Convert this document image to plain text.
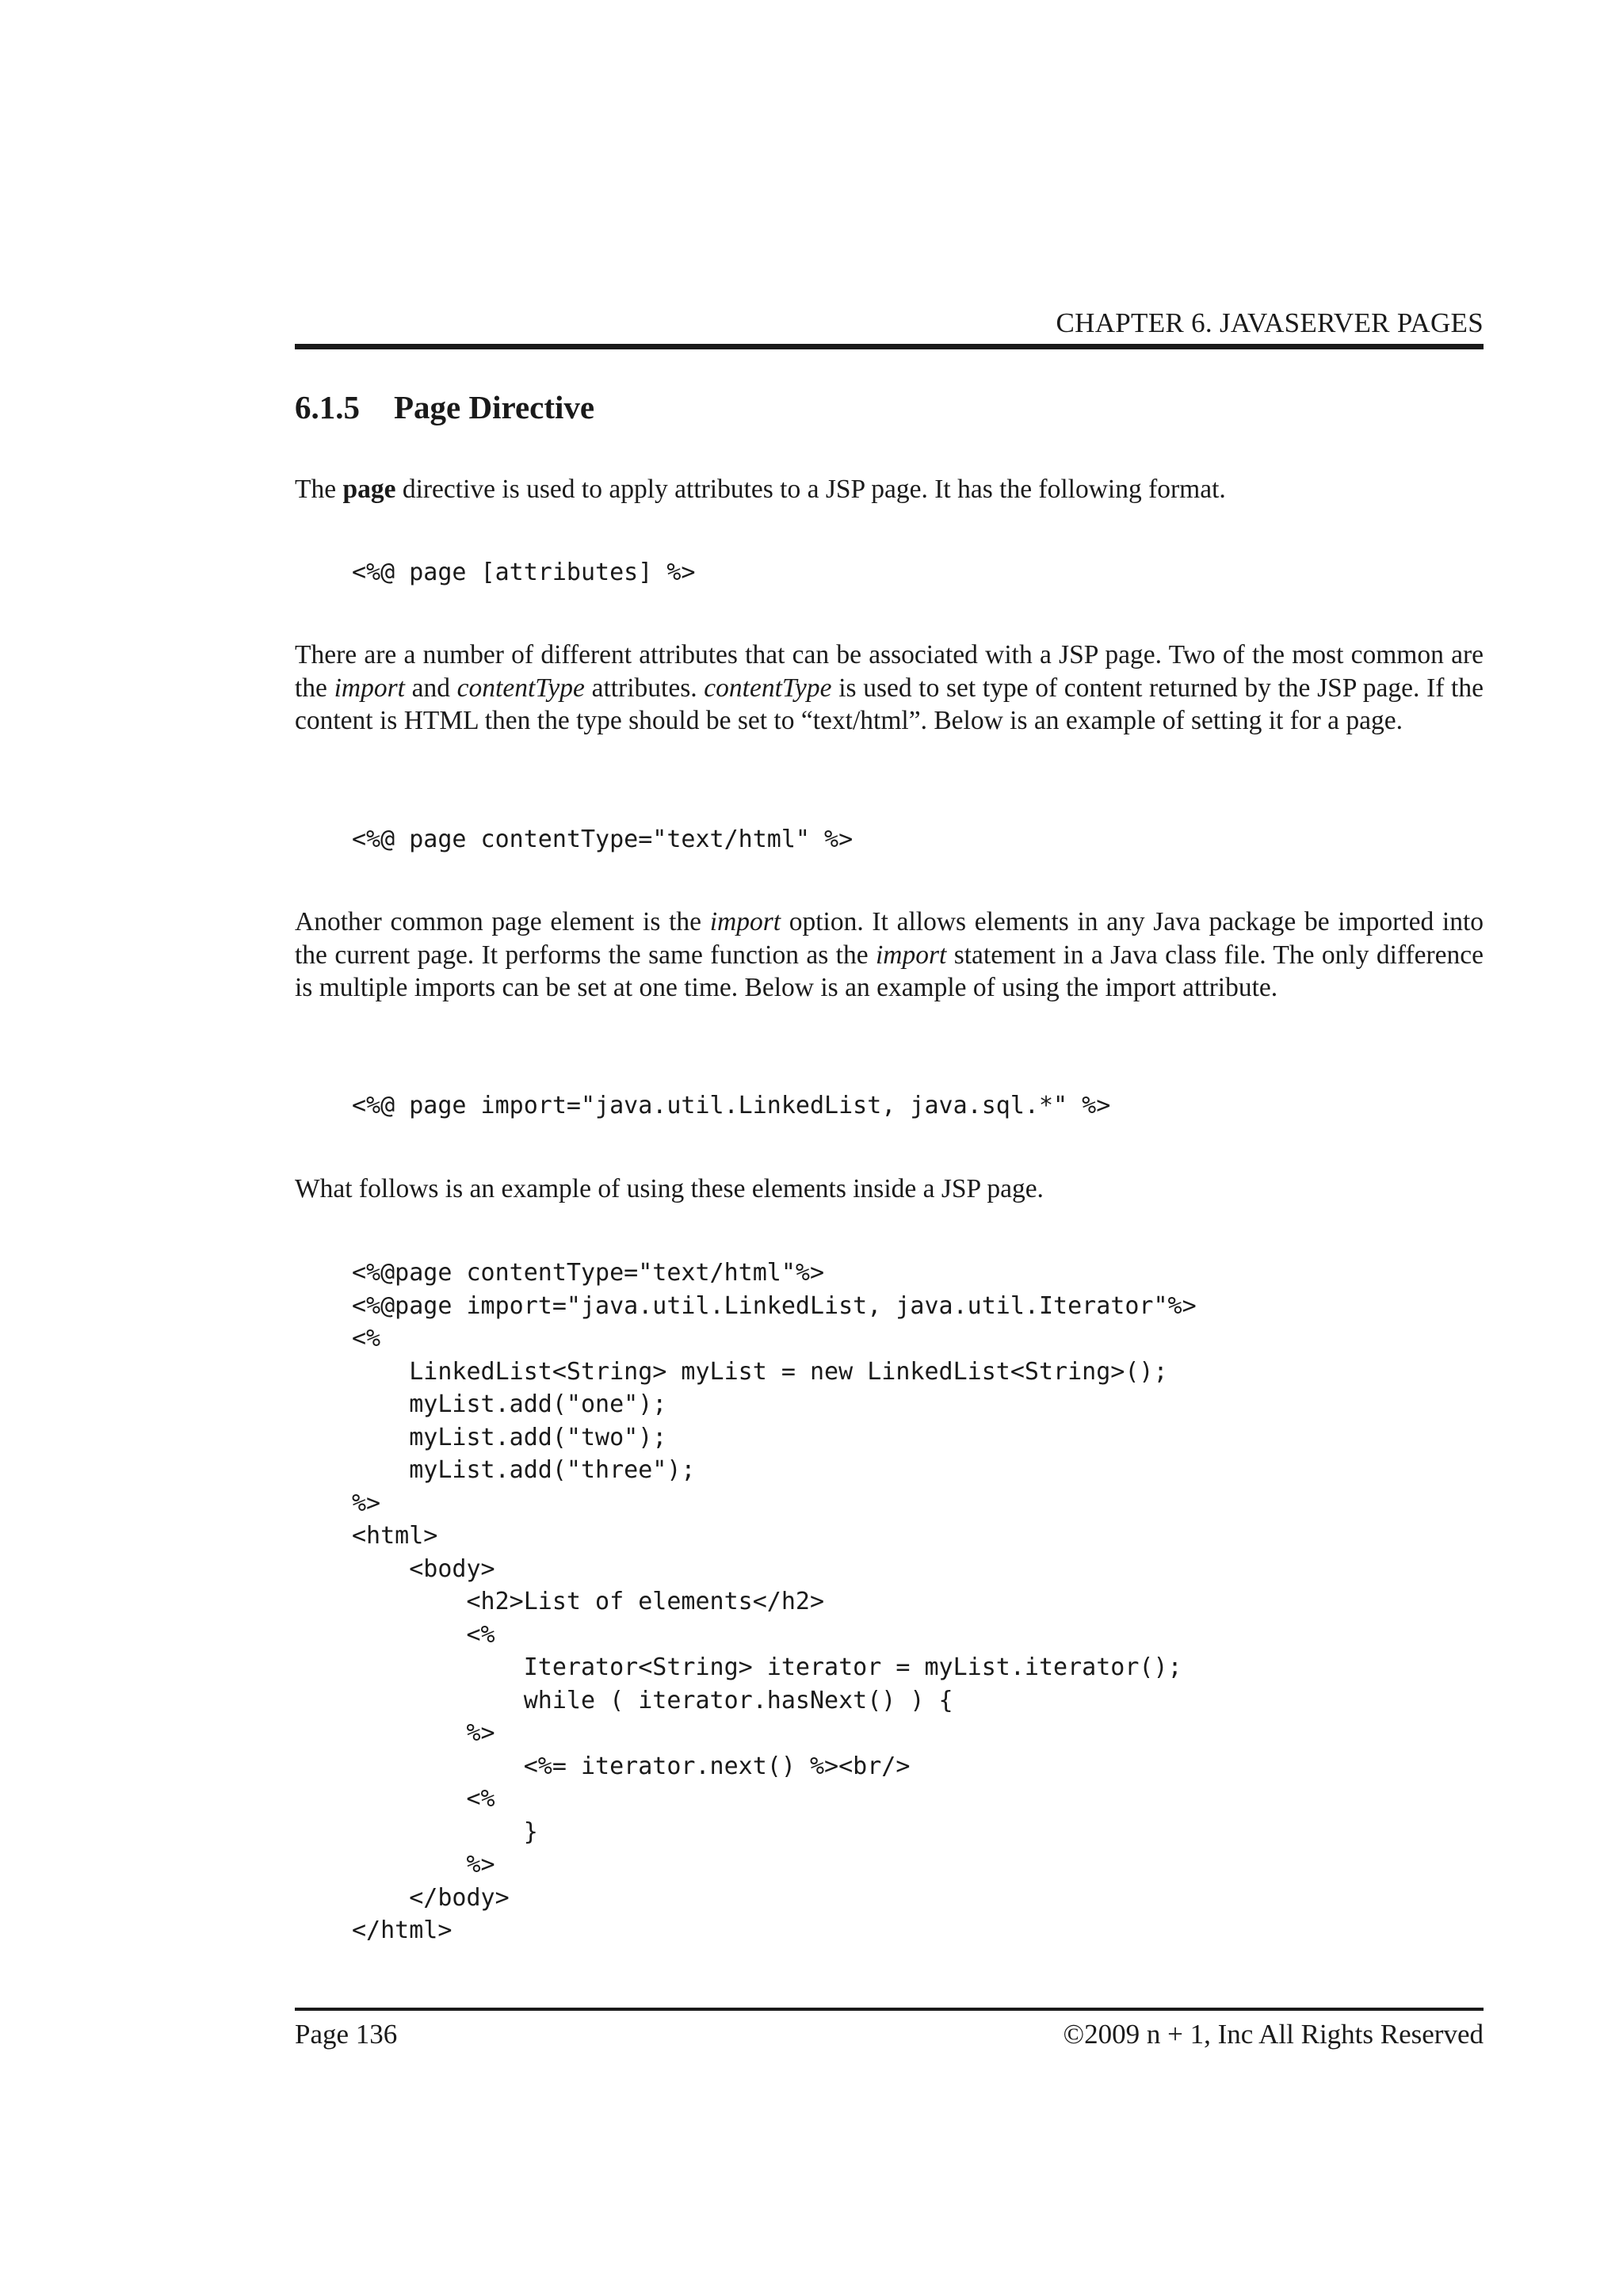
CHAPTER 6. JAVASERVER PAGES
6.1.5 Page Directive

The page directive is used to apply attributes to a JSP page. It has the following format.

<%@ page [attributes] %>

There are a number of different attributes that can be associated with a JSP page. Two of the most common are the import and contentType attributes. contentType is used to set type of content returned by the JSP page. If the content is HTML then the type should be set to “text/html”. Below is an example of setting it for a page.

<%@ page contentType="text/html" %>

Another common page element is the import option. It allows elements in any Java package be imported into the current page. It performs the same function as the import statement in a Java class file. The only difference is multiple imports can be set at one time. Below is an example of using the import attribute.

<%@ page import="java.util.LinkedList, java.sql.*" %>

What follows is an example of using these elements inside a JSP page.

<%@page contentType="text/html"%>
<%@page import="java.util.LinkedList, java.util.Iterator"%>
<%
LinkedList<String> myList = new LinkedList<String>();
myList.add("one");
myList.add("two");
myList.add("three");
%>
<html>
<body>
<h2>List of elements</h2>
<%
Iterator<String> iterator = myList.iterator();
while ( iterator.hasNext() ) {
%>
<%= iterator.next() %><br/>
<%
}
%>
</body>
</html>
Page 136	©2009 n + 1, Inc All Rights Reserved
